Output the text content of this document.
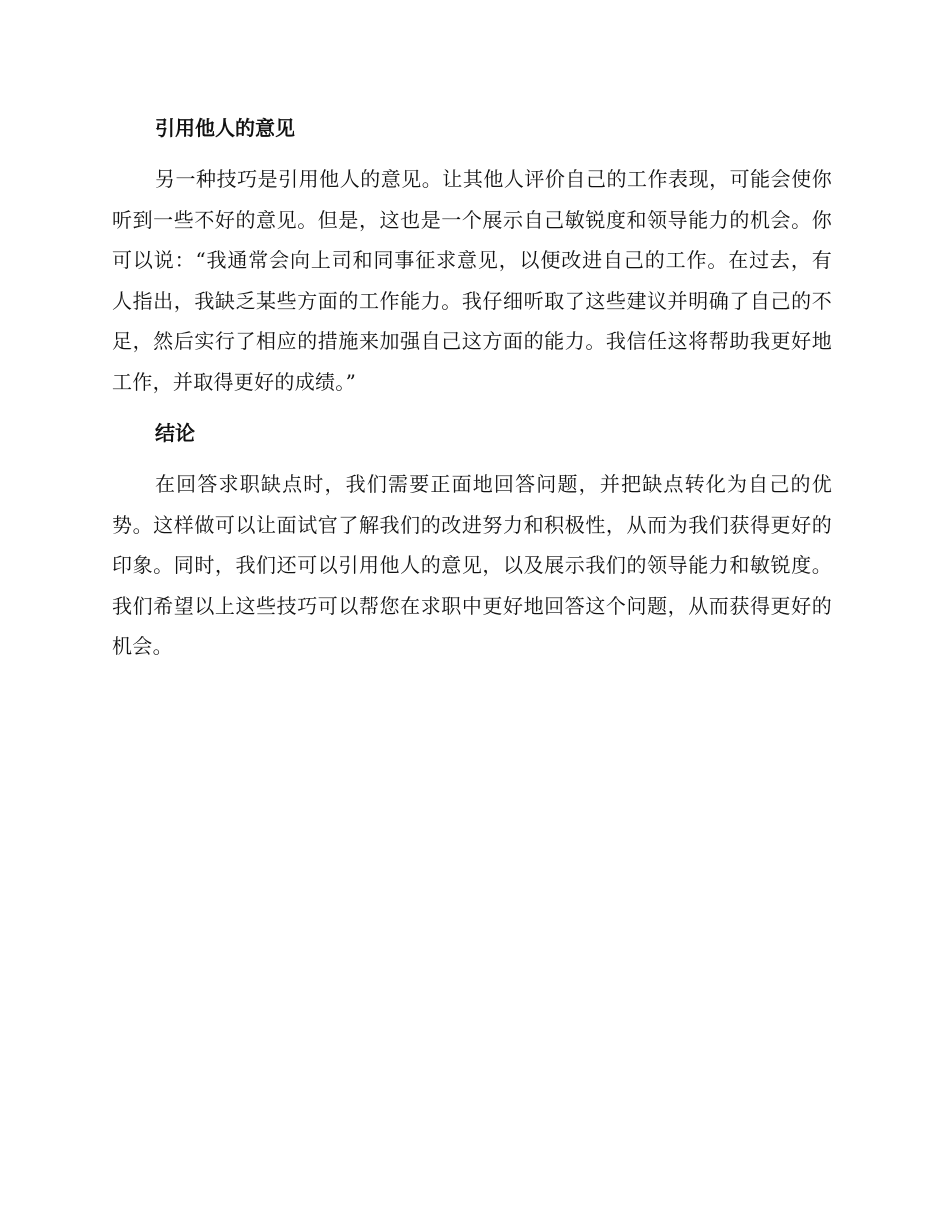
引用他人的意见

另一种技巧是引用他人的意见。让其他人评价自己的工作表现，可能会使你听到一些不好的意见。但是，这也是一个展示自己敏锐度和领导能力的机会。你可以说：“我通常会向上司和同事征求意见，以便改进自己的工作。在过去，有人指出，我缺乏某些方面的工作能力。我仔细听取了这些建议并明确了自己的不足，然后实行了相应的措施来加强自己这方面的能力。我信任这将帮助我更好地工作，并取得更好的成绩。”

结论

在回答求职缺点时，我们需要正面地回答问题，并把缺点转化为自己的优势。这样做可以让面试官了解我们的改进努力和积极性，从而为我们获得更好的印象。同时，我们还可以引用他人的意见，以及展示我们的领导能力和敏锐度。我们希望以上这些技巧可以帮您在求职中更好地回答这个问题，从而获得更好的机会。
